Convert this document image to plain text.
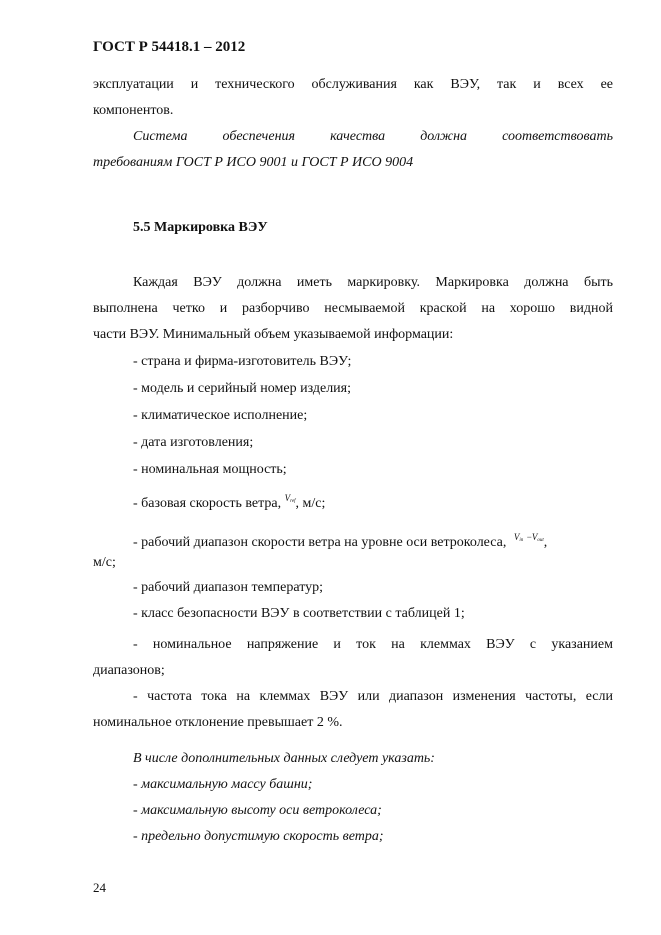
ГОСТ Р 54418.1 – 2012
эксплуатации и технического обслуживания как ВЭУ, так и всех ее
компонентов.
Система обеспечения качества должна соответствовать
требованиям ГОСТ Р ИСО 9001 и ГОСТ Р ИСО 9004
5.5 Маркировка ВЭУ
Каждая ВЭУ должна иметь маркировку. Маркировка должна быть
выполнена четко и разборчиво несмываемой краской на хорошо видной
части ВЭУ. Минимальный объем указываемой информации:
- страна и фирма-изготовитель ВЭУ;
- модель и серийный номер изделия;
- климатическое исполнение;
- дата изготовления;
- номинальная мощность;
- базовая скорость ветра, $^{V_{ref}}$, м/с;
- рабочий диапазон скорости ветра на уровне оси ветроколеса, $^{V_{in}}$ $^{-V_{out}}$,
м/с;
- рабочий диапазон температур;
- класс безопасности ВЭУ в соответствии с таблицей 1;
- номинальное напряжение и ток на клеммах ВЭУ с указанием
диапазонов;
- частота тока на клеммах ВЭУ или диапазон изменения частоты, если
номинальное отклонение превышает 2 %.
В числе дополнительных данных следует указать:
- максимальную массу башни;
- максимальную высоту оси ветроколеса;
- предельно допустимую скорость ветра;
24
